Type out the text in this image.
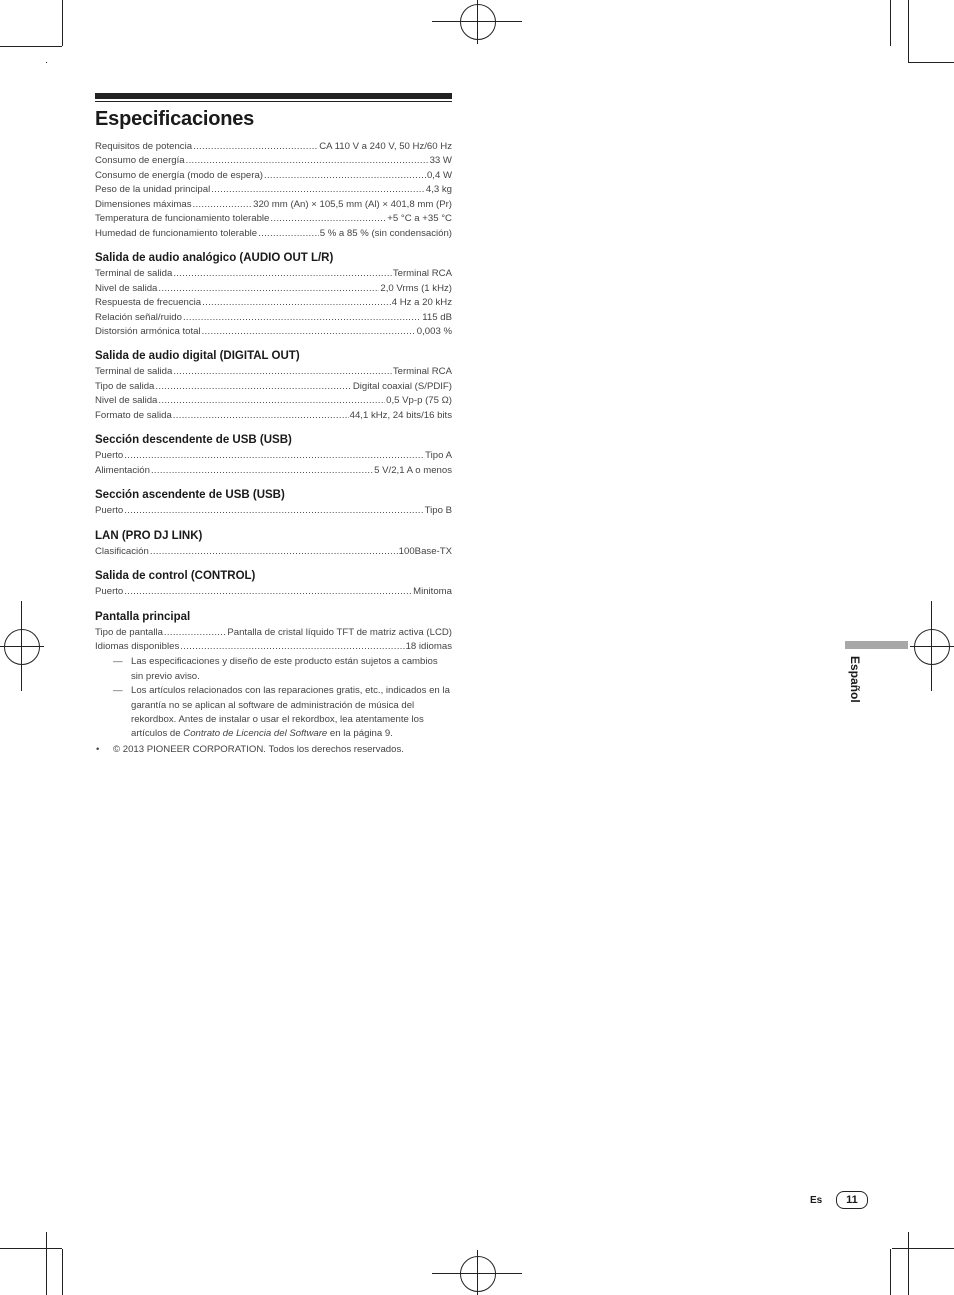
Especificaciones
Requisitos de potencia .....	CA 110 V a 240 V, 50 Hz/60 Hz
Consumo de energía .....	33 W
Consumo de energía (modo de espera) .....	0,4 W
Peso de la unidad principal .....	4,3 kg
Dimensiones máximas .....	320 mm (An) × 105,5 mm (Al) × 401,8 mm (Pr)
Temperatura de funcionamiento tolerable .....	+5 °C a +35 °C
Humedad de funcionamiento tolerable .....	5 % a 85 % (sin condensación)
Salida de audio analógico (AUDIO OUT L/R)
Terminal de salida .....	Terminal RCA
Nivel de salida .....	2,0 Vrms (1 kHz)
Respuesta de frecuencia .....	4 Hz a 20 kHz
Relación señal/ruido .....	115 dB
Distorsión armónica total .....	0,003 %
Salida de audio digital (DIGITAL OUT)
Terminal de salida .....	Terminal RCA
Tipo de salida .....	Digital coaxial (S/PDIF)
Nivel de salida .....	0,5 Vp-p (75 Ω)
Formato de salida .....	44,1 kHz, 24 bits/16 bits
Sección descendente de USB (USB)
Puerto .....	Tipo A
Alimentación .....	5 V/2,1 A o menos
Sección ascendente de USB (USB)
Puerto .....	Tipo B
LAN (PRO DJ LINK)
Clasificación .....	100Base-TX
Salida de control (CONTROL)
Puerto .....	Minitoma
Pantalla principal
Tipo de pantalla .....	Pantalla de cristal líquido TFT de matriz activa (LCD)
Idiomas disponibles .....	18 idiomas
— Las especificaciones y diseño de este producto están sujetos a cambios sin previo aviso.
— Los artículos relacionados con las reparaciones gratis, etc., indicados en la garantía no se aplican al software de administración de música del rekordbox. Antes de instalar o usar el rekordbox, lea atentamente los artículos de Contrato de Licencia del Software en la página 9.
• © 2013 PIONEER CORPORATION. Todos los derechos reservados.
Español
Es	11
